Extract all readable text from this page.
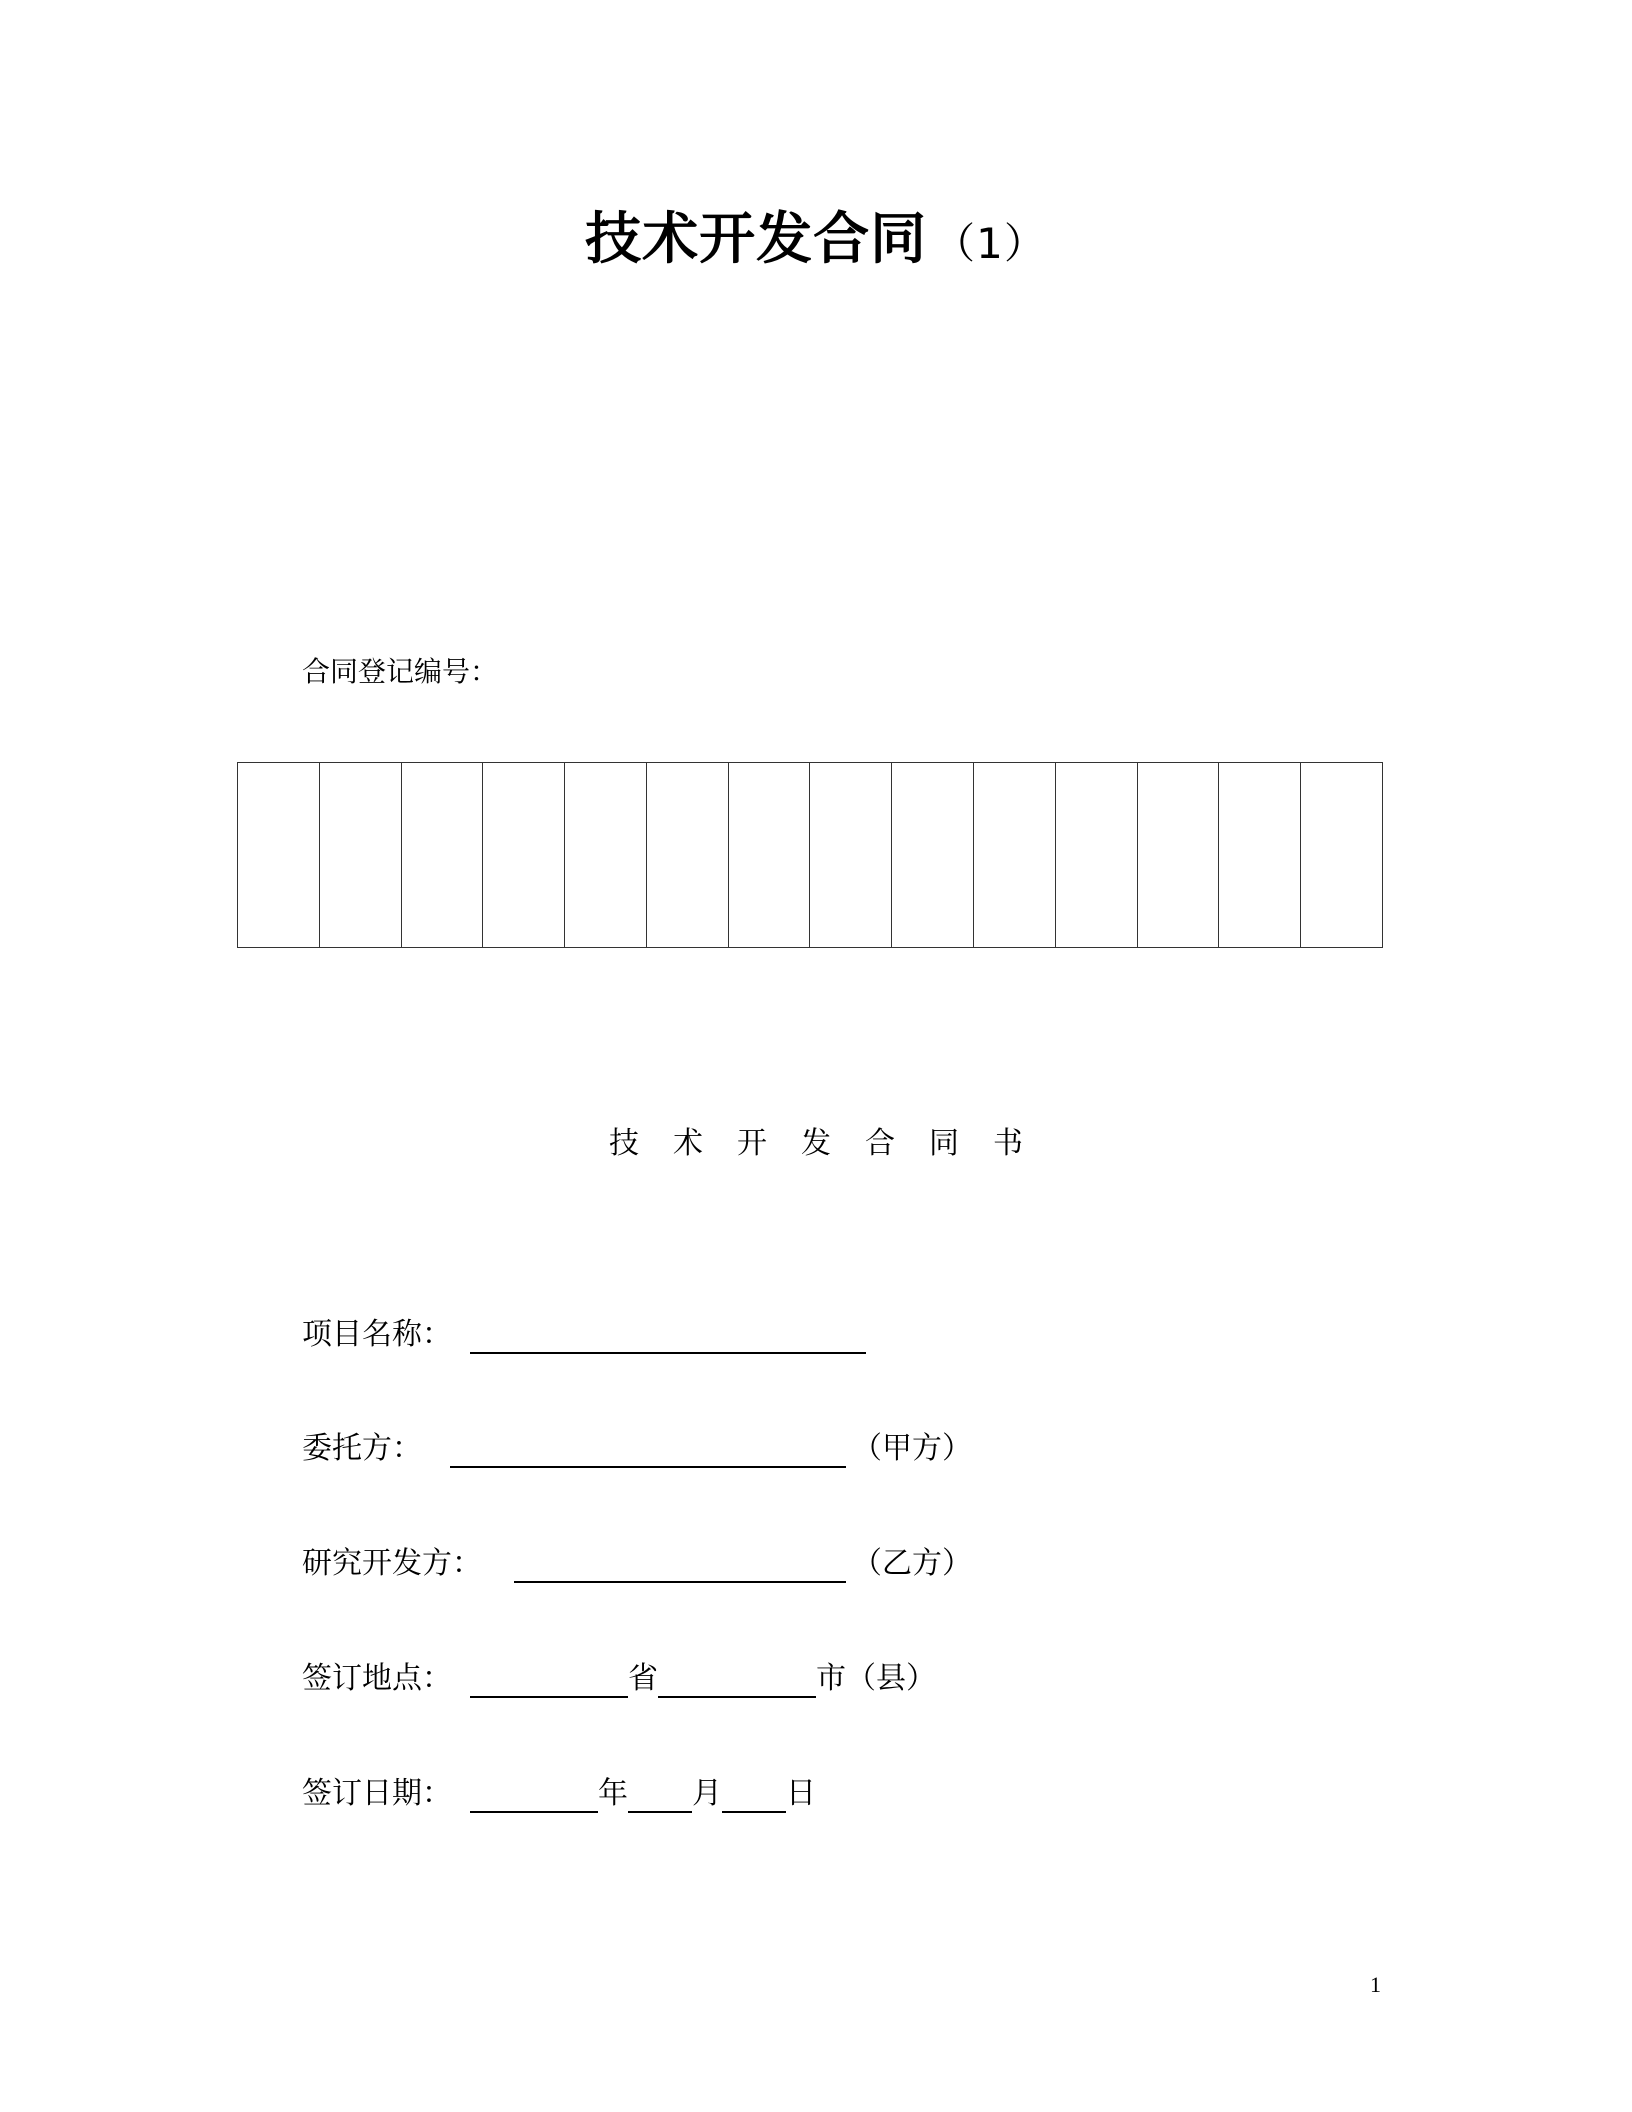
技术开发合同 （1）
合同登记编号：
技术开发合同书
项目名称：
委托方：	（甲方）
研究开发方：	（乙方）
签订地点：	省	市（县）
签订日期：	年 月 日
1
